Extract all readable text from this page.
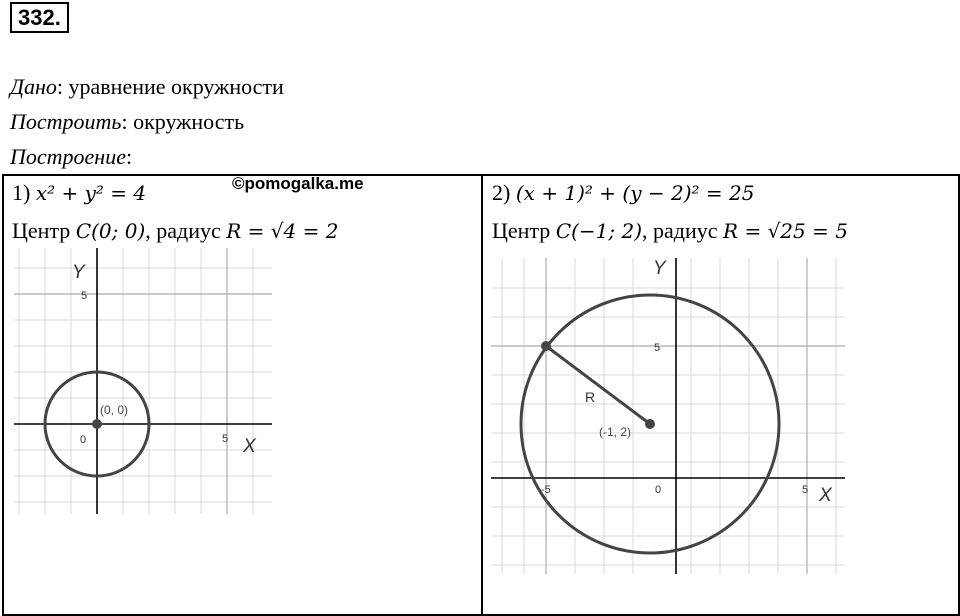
332.
Дано: уравнение окружности
Построить: окружность
Построение:
1) x² + y² = 4
Центр C(0; 0), радиус R = √4 = 2
2) (x + 1)² + (y − 2)² = 25
Центр C(−1; 2), радиус R = √25 = 5
©pomogalka.me
(0, 0)
Y
X
5
5
0
(-1, 2)
R
Y
X
5
5
-5	0
